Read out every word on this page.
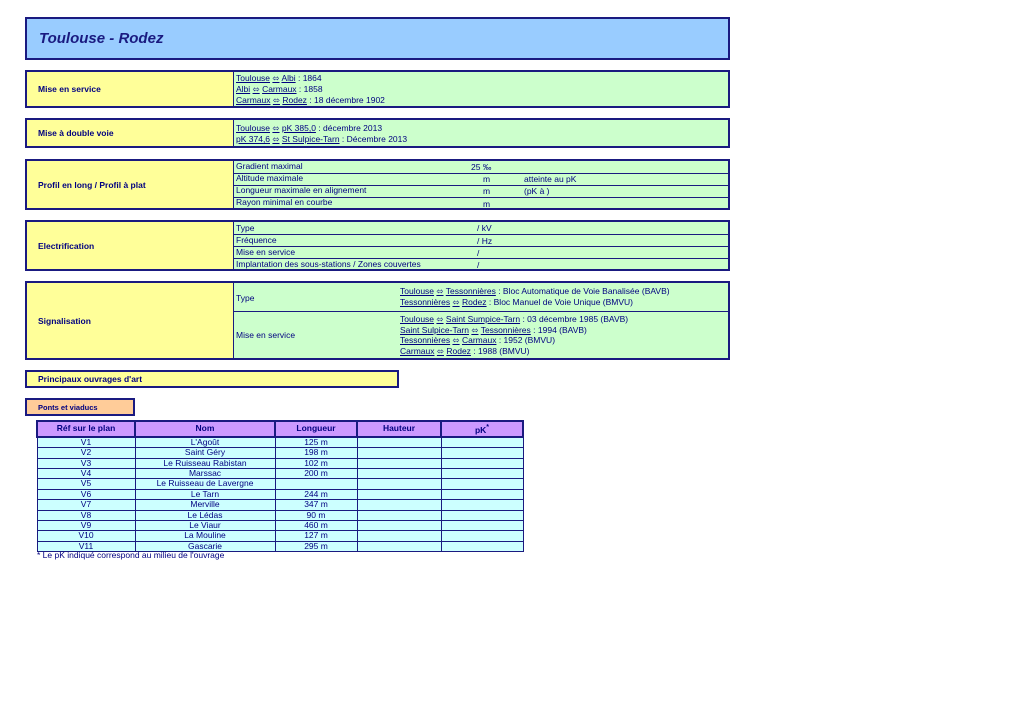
Toulouse - Rodez
Mise en service
Toulouse ⬄ Albi : 1864
Albi ⬄ Carmaux : 1858
Carmaux ⬄ Rodez : 18 décembre 1902
Mise à double voie	Toulouse ⬄ pK 385,0 : décembre 2013
pK 374,6 ⬄ St Sulpice-Tarn : Décembre 2013
Profil en long / Profil à plat
Gradient maximal	25 ‰
Altitude maximale	m	atteinte au pK
Longueur maximale en alignement	m	(pK à )
Rayon minimal en courbe	m
Electrification
Type	/ kV
Fréquence	/ Hz
Mise en service	/
Implantation des sous-stations / Zones couvertes	/
Signalisation
Type
Toulouse ⬄ Tessonnières : Bloc Automatique de Voie Banalisée (BAVB)
Tessonnières ⬄ Rodez : Bloc Manuel de Voie Unique (BMVU)
Mise en service
Toulouse ⬄ Saint Sumpice-Tarn : 03 décembre 1985 (BAVB)
Saint Sulpice-Tarn ⬄ Tessonnières : 1994 (BAVB)
Tessonnières ⬄ Carmaux : 1952 (BMVU)
Carmaux ⬄ Rodez : 1988 (BMVU)
Principaux ouvrages d'art
Ponts et viaducs
Réf sur le plan	Nom	Longueur	Hauteur	pK*
V1	L'Agoût	125 m		
V2	Saint Géry	198 m		
V3	Le Ruisseau Rabistan	102 m		
V4	Marssac	200 m		
V5	Le Ruisseau de Lavergne			
V6	Le Tarn	244 m		
V7	Merville	347 m		
V8	Le Lédas	90 m		
V9	Le Viaur	460 m		
V10	La Mouline	127 m		
V11	Gascarie	295 m		
* Le pK indiqué correspond au milieu de l'ouvrage
